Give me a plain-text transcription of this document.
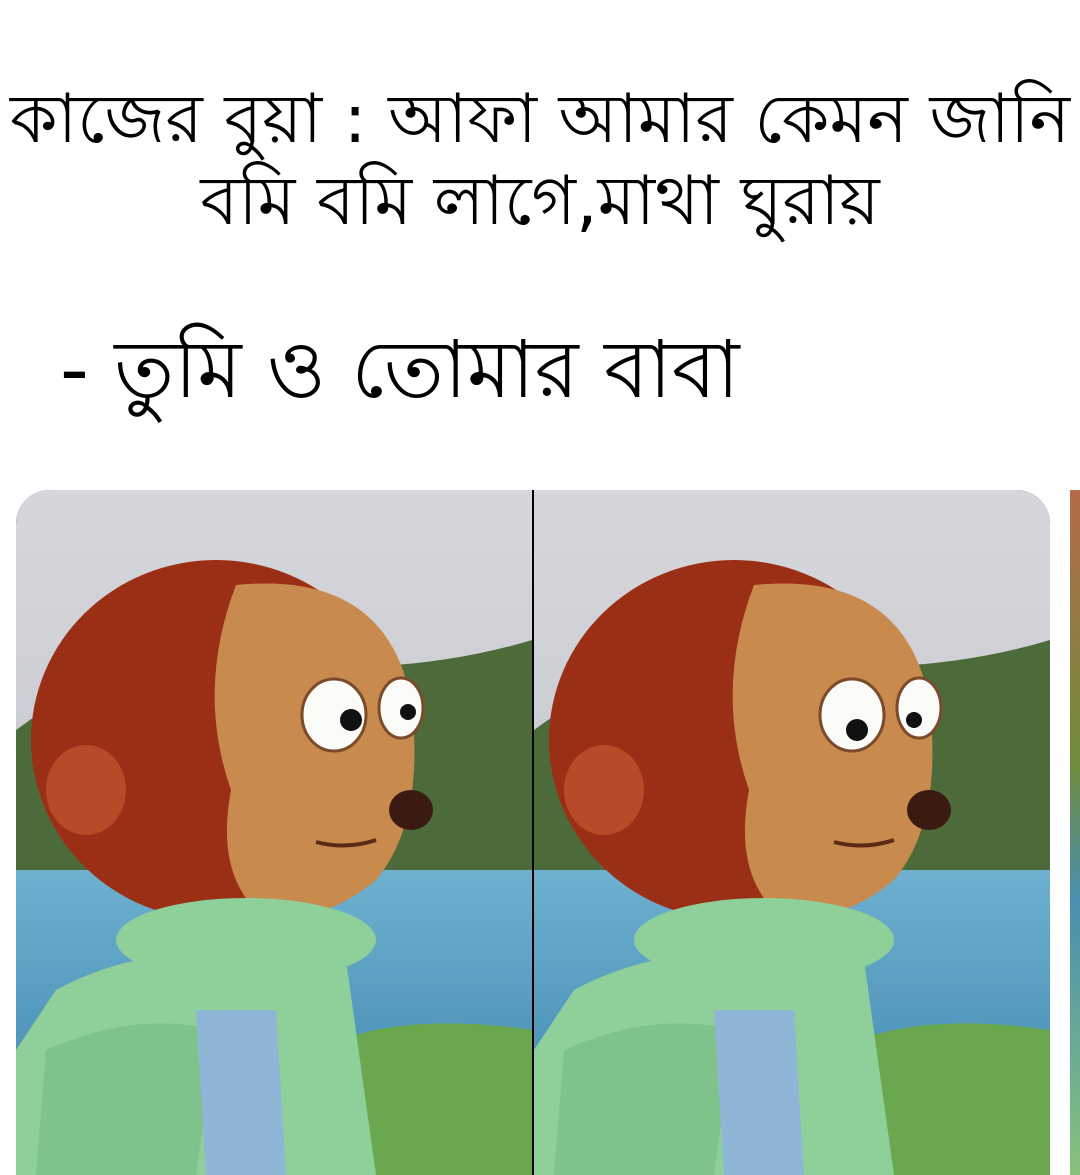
কাজের বুয়া : আফা আমার কেমন জানি
বমি বমি লাগে,মাথা ঘুরায়
- তুমি ও তোমার বাবা
